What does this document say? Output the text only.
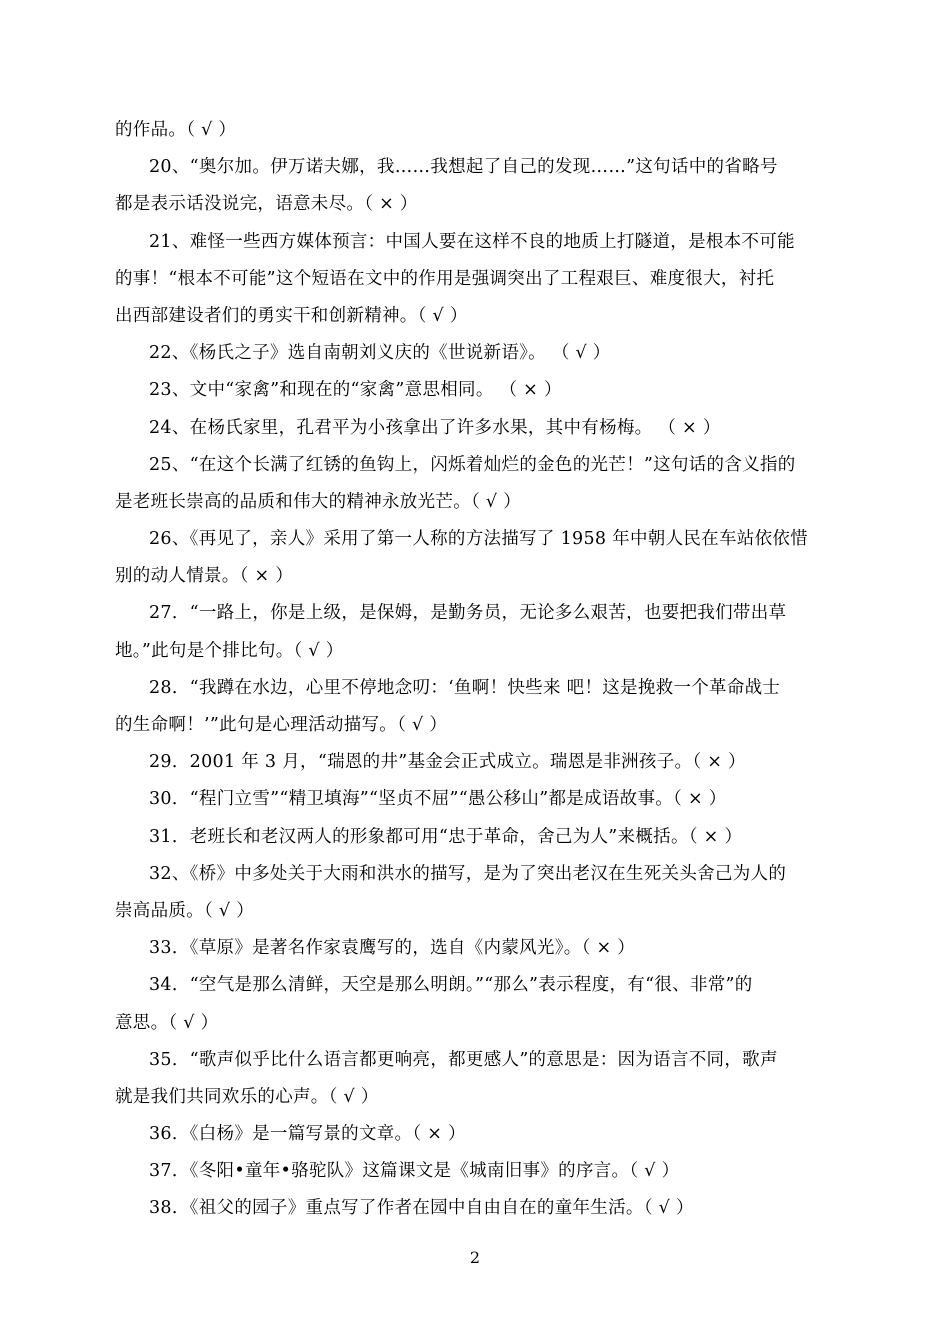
的作品。（ √ ）
20、“奥尔加。伊万诺夫娜，我……我想起了自己的发现……”这句话中的省略号
都是表示话没说完，语意未尽。（ × ）
21、难怪一些西方媒体预言：中国人要在这样不良的地质上打隧道，是根本不可能
的事！“根本不可能”这个短语在文中的作用是强调突出了工程艰巨、难度很大，衬托
出西部建设者们的勇实干和创新精神。（ √ ）
22、《杨氏之子》选自南朝刘义庆的《世说新语》。 （ √ ）
23、文中“家禽”和现在的“家禽”意思相同。 （ × ）
24、在杨氏家里，孔君平为小孩拿出了许多水果，其中有杨梅。 （ × ）
25、“在这个长满了红锈的鱼钩上，闪烁着灿烂的金色的光芒！”这句话的含义指的
是老班长崇高的品质和伟大的精神永放光芒。（ √ ）
26、《再见了，亲人》采用了第一人称的方法描写了 1958 年中朝人民在车站依依惜
别的动人情景。（ × ）
27．“一路上，你是上级，是保姆，是勤务员，无论多么艰苦，也要把我们带出草
地。”此句是个排比句。（ √ ）
28．“我蹲在水边，心里不停地念叨：‘鱼啊！快些来 吧！这是挽救一个革命战士
的生命啊！’”此句是心理活动描写。（ √ ）
29．2001 年 3 月，“瑞恩的井”基金会正式成立。瑞恩是非洲孩子。（ × ）
30．“程门立雪”“精卫填海”“坚贞不屈”“愚公移山”都是成语故事。（ × ）
31．老班长和老汉两人的形象都可用“忠于革命，舍己为人”来概括。（ × ）
32、《桥》中多处关于大雨和洪水的描写，是为了突出老汉在生死关头舍己为人的
崇高品质。（ √ ）
33．《草原》是著名作家袁鹰写的，选自《内蒙风光》。（ × ）
34．“空气是那么清鲜，天空是那么明朗。”“那么”表示程度，有“很、非常”的
意思。（ √ ）
35．“歌声似乎比什么语言都更响亮，都更感人”的意思是：因为语言不同，歌声
就是我们共同欢乐的心声。（ √ ）
36．《白杨》是一篇写景的文章。（ × ）
37．《冬阳•童年•骆驼队》这篇课文是《城南旧事》的序言。（ √ ）
38．《祖父的园子》重点写了作者在园中自由自在的童年生活。（ √ ）
2
